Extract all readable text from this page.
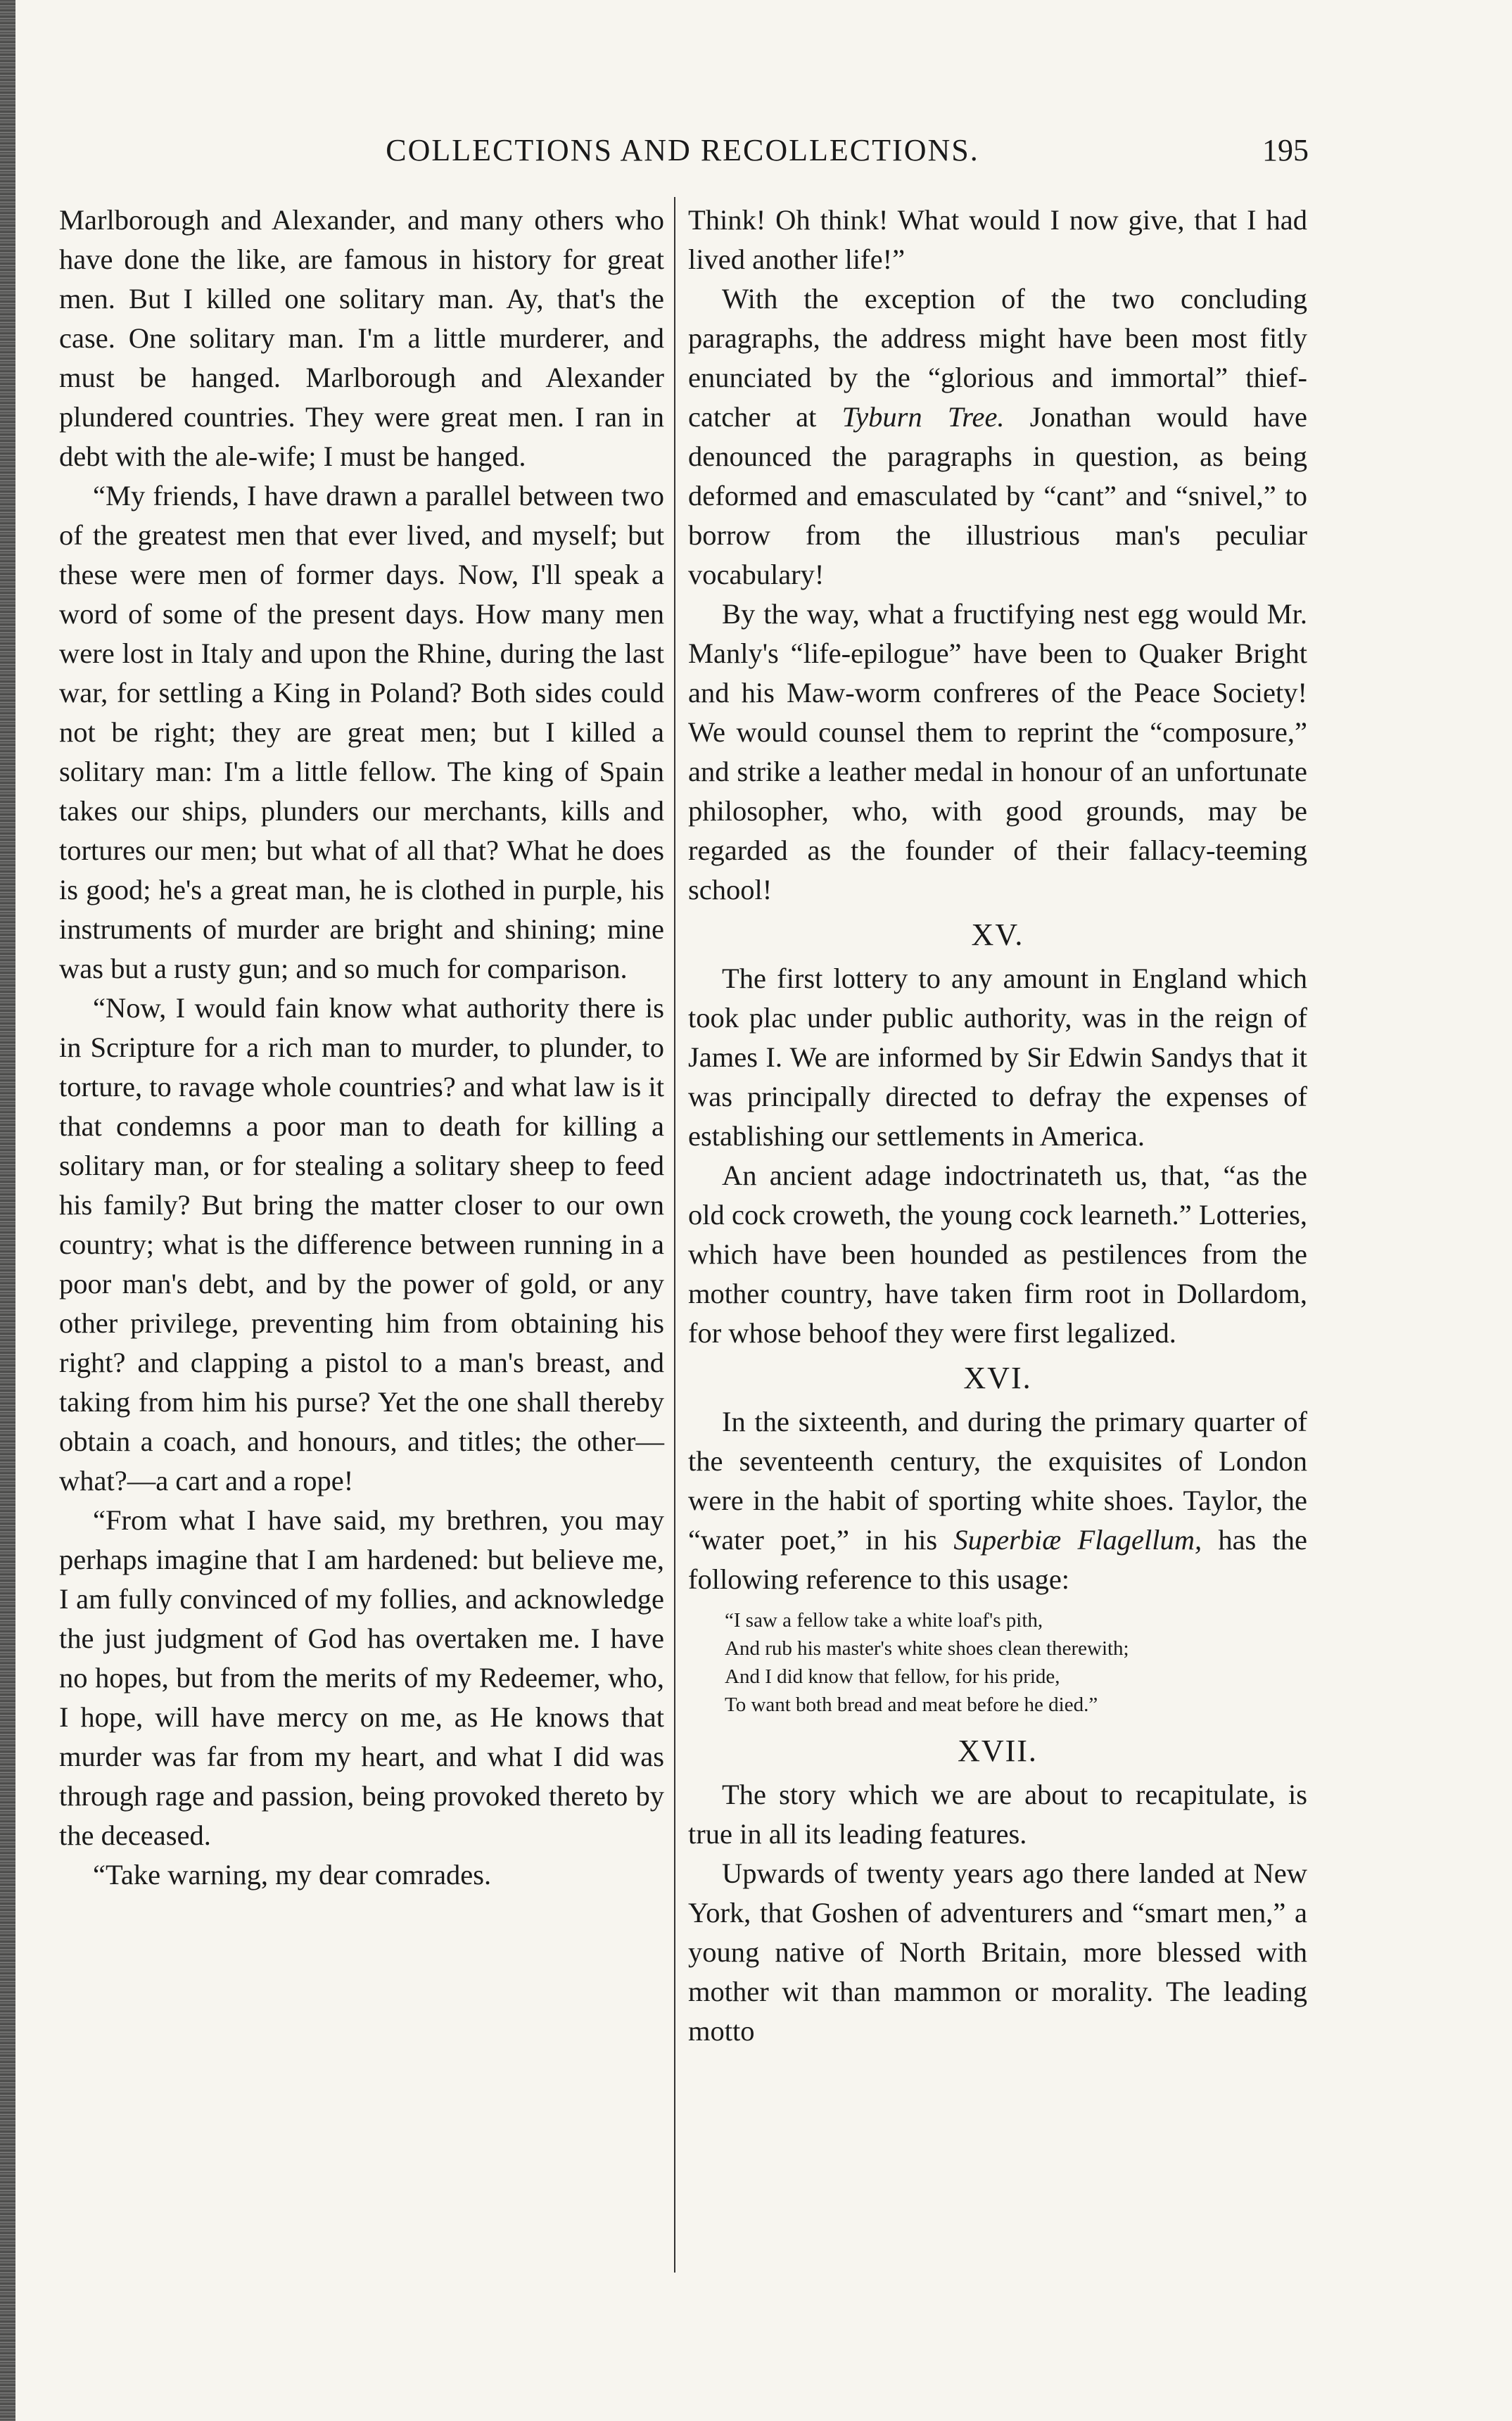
COLLECTIONS AND RECOLLECTIONS.	195

Marlborough and Alexander, and many others who have done the like, are famous in history for great men. But I killed one solitary man. Ay, that's the case. One solitary man. I'm a little murderer, and must be hanged. Marlborough and Alexander plundered countries. They were great men. I ran in debt with the ale-wife; I must be hanged.

“My friends, I have drawn a parallel between two of the greatest men that ever lived, and myself; but these were men of former days. Now, I'll speak a word of some of the present days. How many men were lost in Italy and upon the Rhine, during the last war, for settling a King in Poland? Both sides could not be right; they are great men; but I killed a solitary man: I'm a little fellow. The king of Spain takes our ships, plunders our merchants, kills and tortures our men; but what of all that? What he does is good; he's a great man, he is clothed in purple, his instruments of murder are bright and shining; mine was but a rusty gun; and so much for comparison.

“Now, I would fain know what authority there is in Scripture for a rich man to murder, to plunder, to torture, to ravage whole countries? and what law is it that condemns a poor man to death for killing a solitary man, or for stealing a solitary sheep to feed his family? But bring the matter closer to our own country; what is the difference between running in a poor man's debt, and by the power of gold, or any other privilege, preventing him from obtaining his right? and clapping a pistol to a man's breast, and taking from him his purse? Yet the one shall thereby obtain a coach, and honours, and titles; the other—what?—a cart and a rope!

“From what I have said, my brethren, you may perhaps imagine that I am hardened: but believe me, I am fully convinced of my follies, and acknowledge the just judgment of God has overtaken me. I have no hopes, but from the merits of my Redeemer, who, I hope, will have mercy on me, as He knows that murder was far from my heart, and what I did was through rage and passion, being provoked thereto by the deceased.

“Take warning, my dear comrades.

Think! Oh think! What would I now give, that I had lived another life!”

With the exception of the two concluding paragraphs, the address might have been most fitly enunciated by the “glorious and immortal” thief-catcher at Tyburn Tree. Jonathan would have denounced the paragraphs in question, as being deformed and emasculated by “cant” and “snivel,” to borrow from the illustrious man's peculiar vocabulary!

By the way, what a fructifying nest egg would Mr. Manly's “life-epilogue” have been to Quaker Bright and his Maw-worm confreres of the Peace Society! We would counsel them to reprint the “composure,” and strike a leather medal in honour of an unfortunate philosopher, who, with good grounds, may be regarded as the founder of their fallacy-teeming school!

XV.

The first lottery to any amount in England which took plac under public authority, was in the reign of James I. We are informed by Sir Edwin Sandys that it was principally directed to defray the expenses of establishing our settlements in America.

An ancient adage indoctrinateth us, that, “as the old cock croweth, the young cock learneth.” Lotteries, which have been hounded as pestilences from the mother country, have taken firm root in Dollardom, for whose behoof they were first legalized.

XVI.

In the sixteenth, and during the primary quarter of the seventeenth century, the exquisites of London were in the habit of sporting white shoes. Taylor, the “water poet,” in his Superbiæ Flagellum, has the following reference to this usage:

“I saw a fellow take a white loaf's pith,
And rub his master's white shoes clean therewith;
And I did know that fellow, for his pride,
To want both bread and meat before he died.”
XVII.

The story which we are about to recapitulate, is true in all its leading features.

Upwards of twenty years ago there landed at New York, that Goshen of adventurers and “smart men,” a young native of North Britain, more blessed with mother wit than mammon or morality. The leading motto
